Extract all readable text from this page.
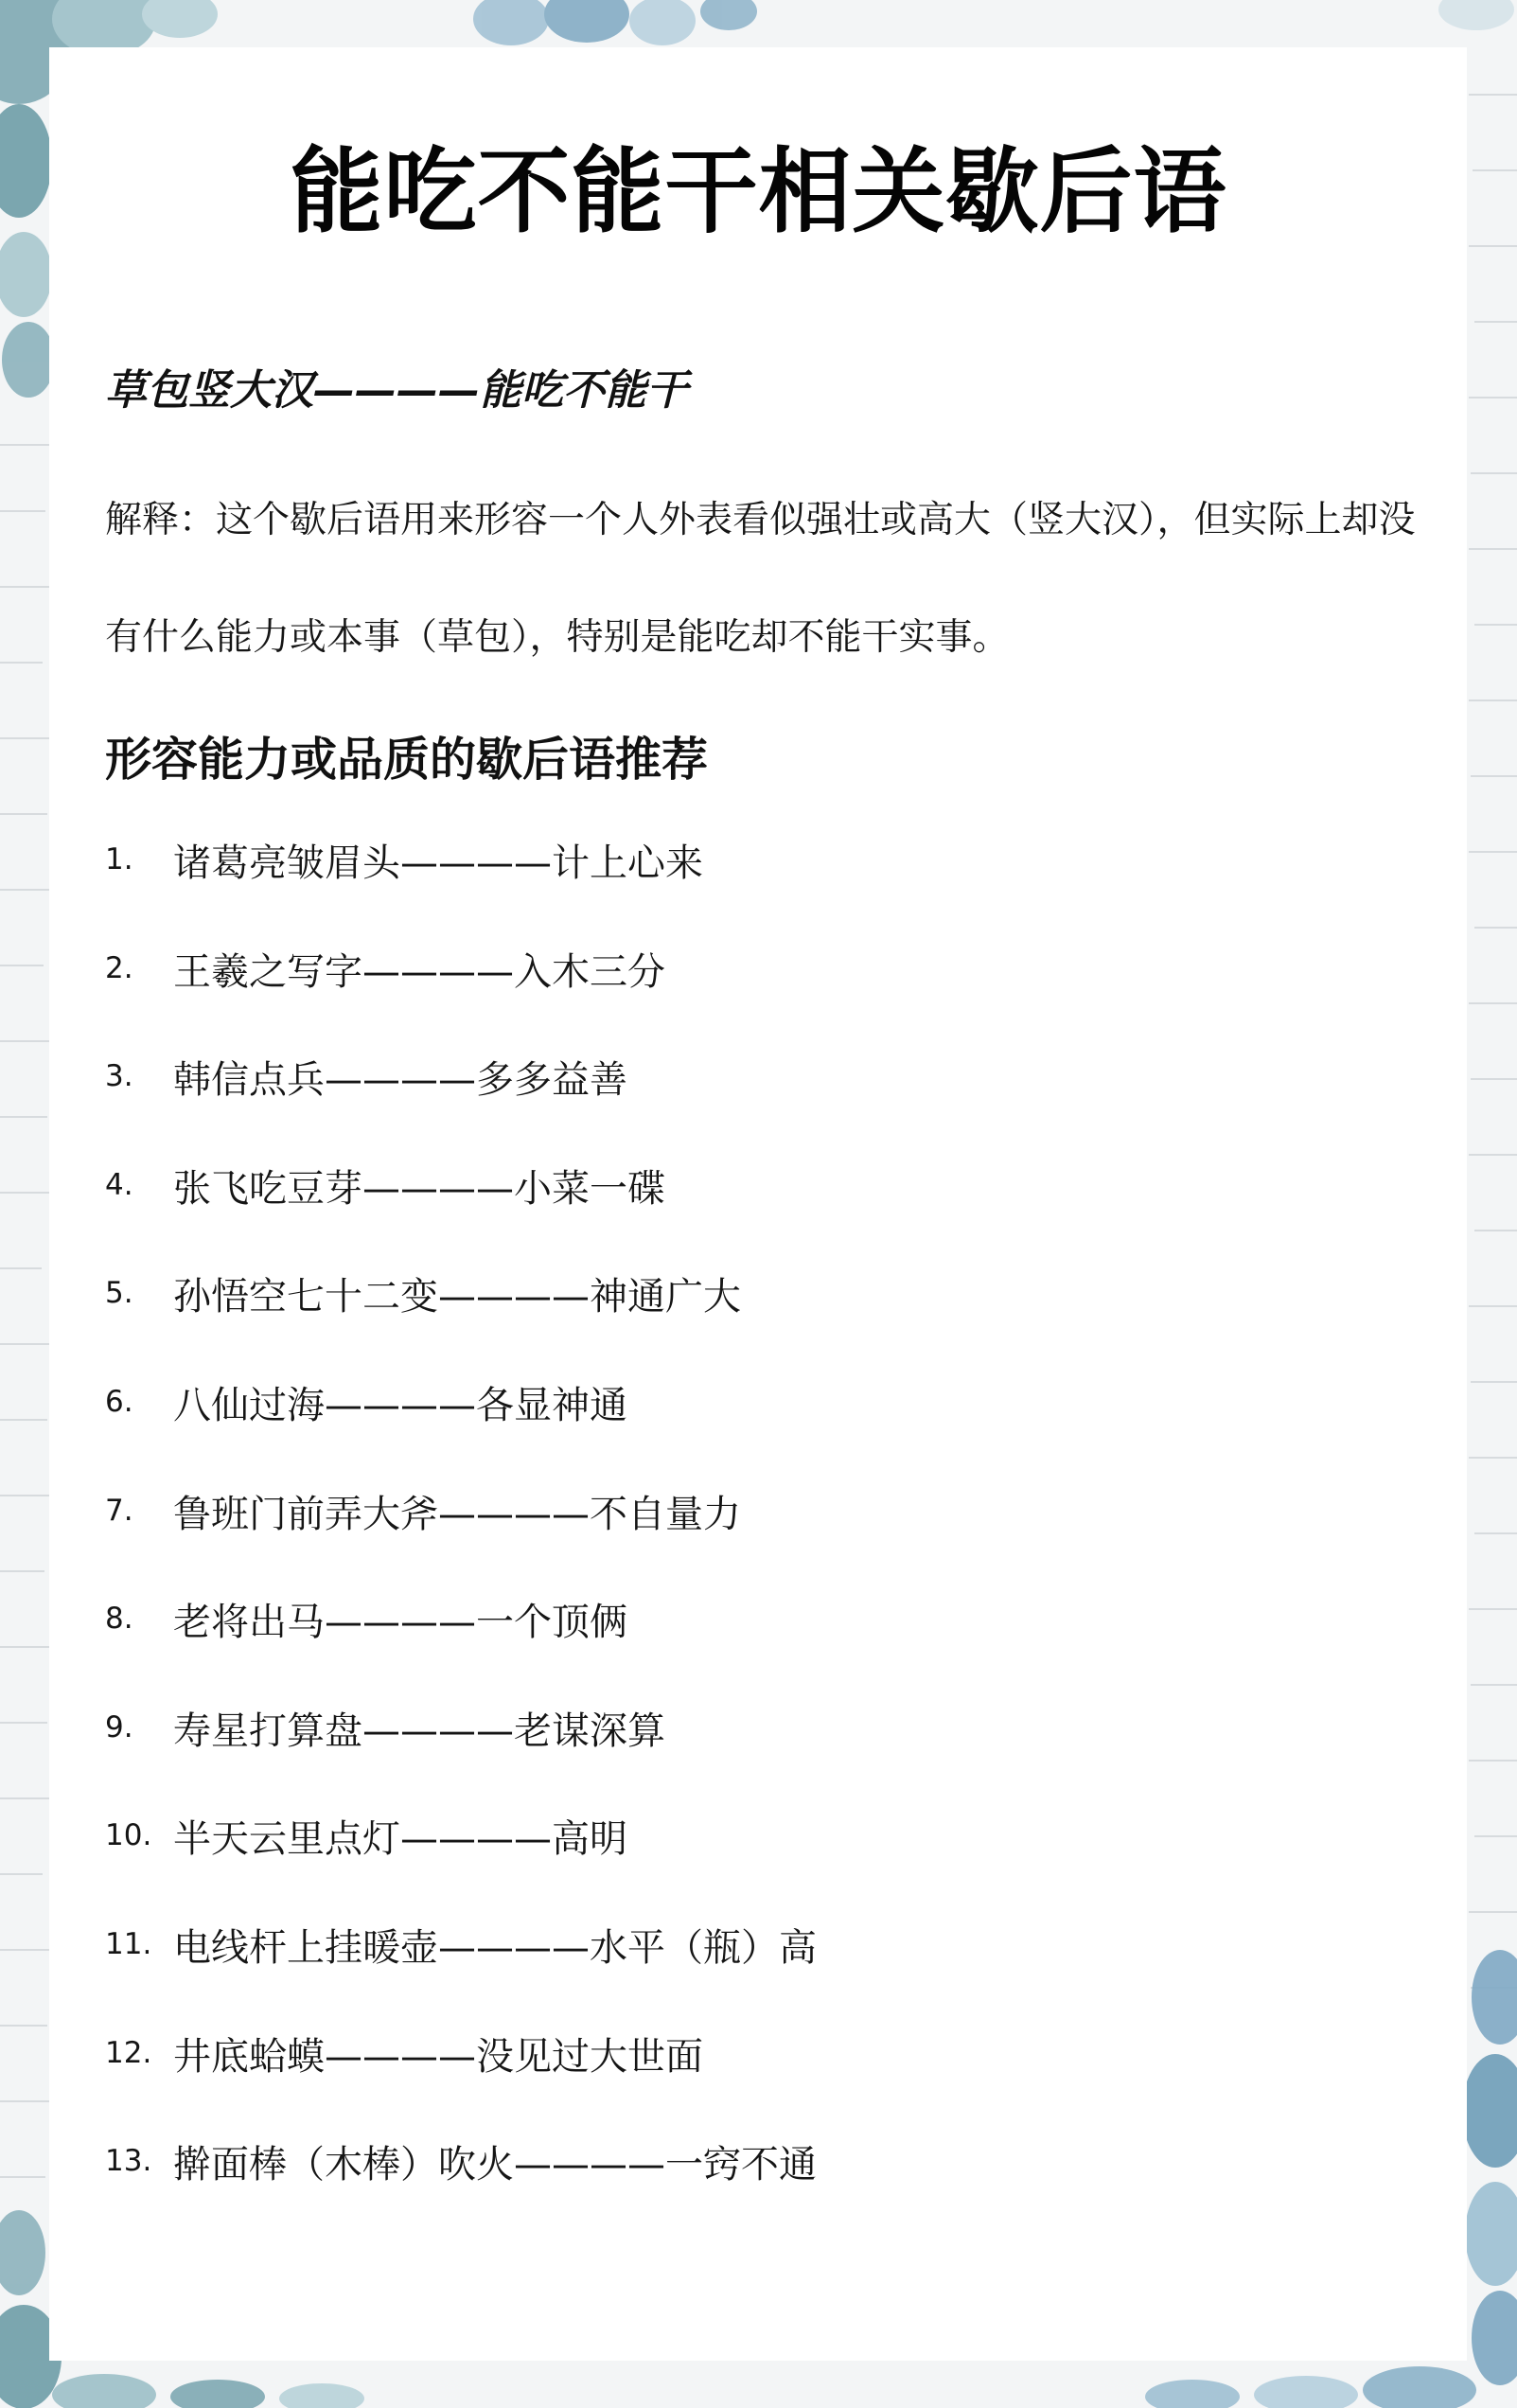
能吃不能干相关歇后语
草包竖大汉————能吃不能干
解释：这个歇后语用来形容一个人外表看似强壮或高大（竖大汉），但实际上却没有什么能力或本事（草包），特别是能吃却不能干实事。
形容能力或品质的歇后语推荐
1.	诸葛亮皱眉头————计上心来
2.	王羲之写字————入木三分
3.	韩信点兵————多多益善
4.	张飞吃豆芽————小菜一碟
5.	孙悟空七十二变————神通广大
6.	八仙过海————各显神通
7.	鲁班门前弄大斧————不自量力
8.	老将出马————一个顶俩
9.	寿星打算盘————老谋深算
10. 半天云里点灯————高明
11. 电线杆上挂暖壶————水平（瓶）高
12. 井底蛤蟆————没见过大世面
13. 擀面棒（木棒）吹火————一窍不通
